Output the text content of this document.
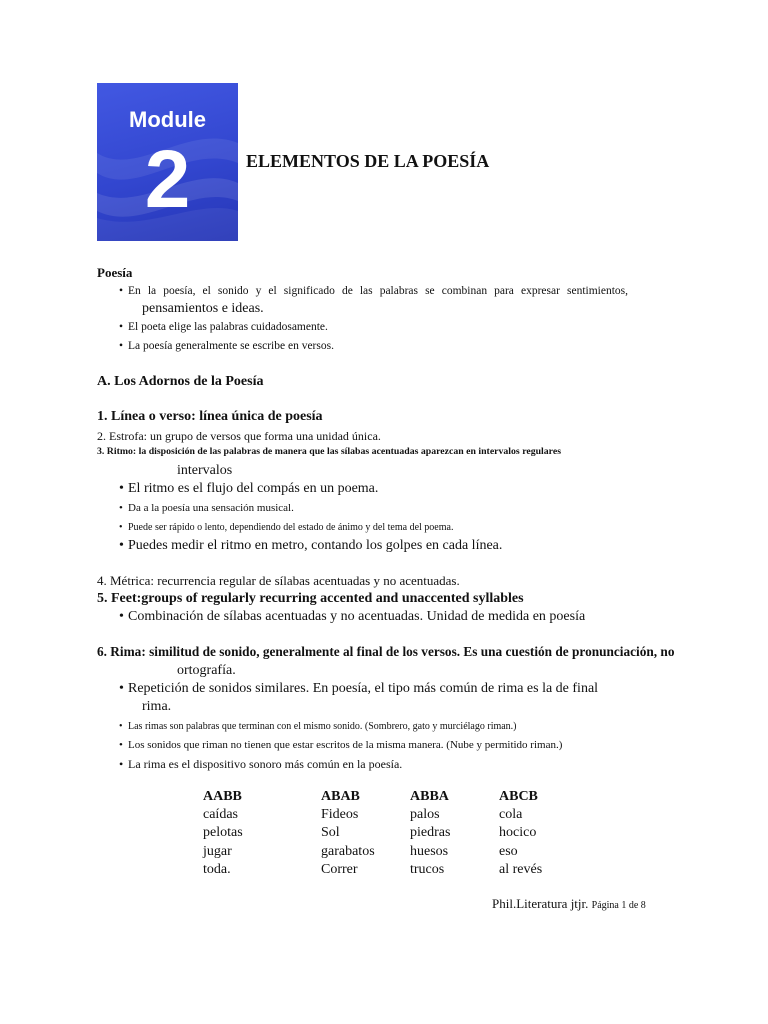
Module
2	ELEMENTOS DE LA POESÍA
Poesía
• En la poesía, el sonido y el significado de las palabras se combinan para expresar sentimientos,
pensamientos e ideas.
• El poeta elige las palabras cuidadosamente.
• La poesía generalmente se escribe en versos.
A. Los Adornos de la Poesía
1. Línea o verso: línea única de poesía
2. Estrofa: un grupo de versos que forma una unidad única.
3. Ritmo: la disposición de las palabras de manera que las sílabas acentuadas aparezcan en intervalos regulares
intervalos
• El ritmo es el flujo del compás en un poema.
• Da a la poesía una sensación musical.
• Puede ser rápido o lento, dependiendo del estado de ánimo y del tema del poema.
• Puedes medir el ritmo en metro, contando los golpes en cada línea.
4. Métrica: recurrencia regular de sílabas acentuadas y no acentuadas.
5. Feet:groups of regularly recurring accented and unaccented syllables
• Combinación de sílabas acentuadas y no acentuadas. Unidad de medida en poesía
6. Rima: similitud de sonido, generalmente al final de los versos. Es una cuestión de pronunciación, no
ortografía.
• Repetición de sonidos similares. En poesía, el tipo más común de rima es la de final
rima.
• Las rimas son palabras que terminan con el mismo sonido. (Sombrero, gato y murciélago riman.)
• Los sonidos que riman no tienen que estar escritos de la misma manera. (Nube y permitido riman.)
• La rima es el dispositivo sonoro más común en la poesía.
AABB
caídas
pelotas
jugar
toda.
ABAB
Fideos
Sol
garabatos
Correr
ABBA
palos
piedras
huesos
trucos
ABCB
cola
hocico
eso
al revés
Phil.Literatura jtjr. Página 1 de 8
